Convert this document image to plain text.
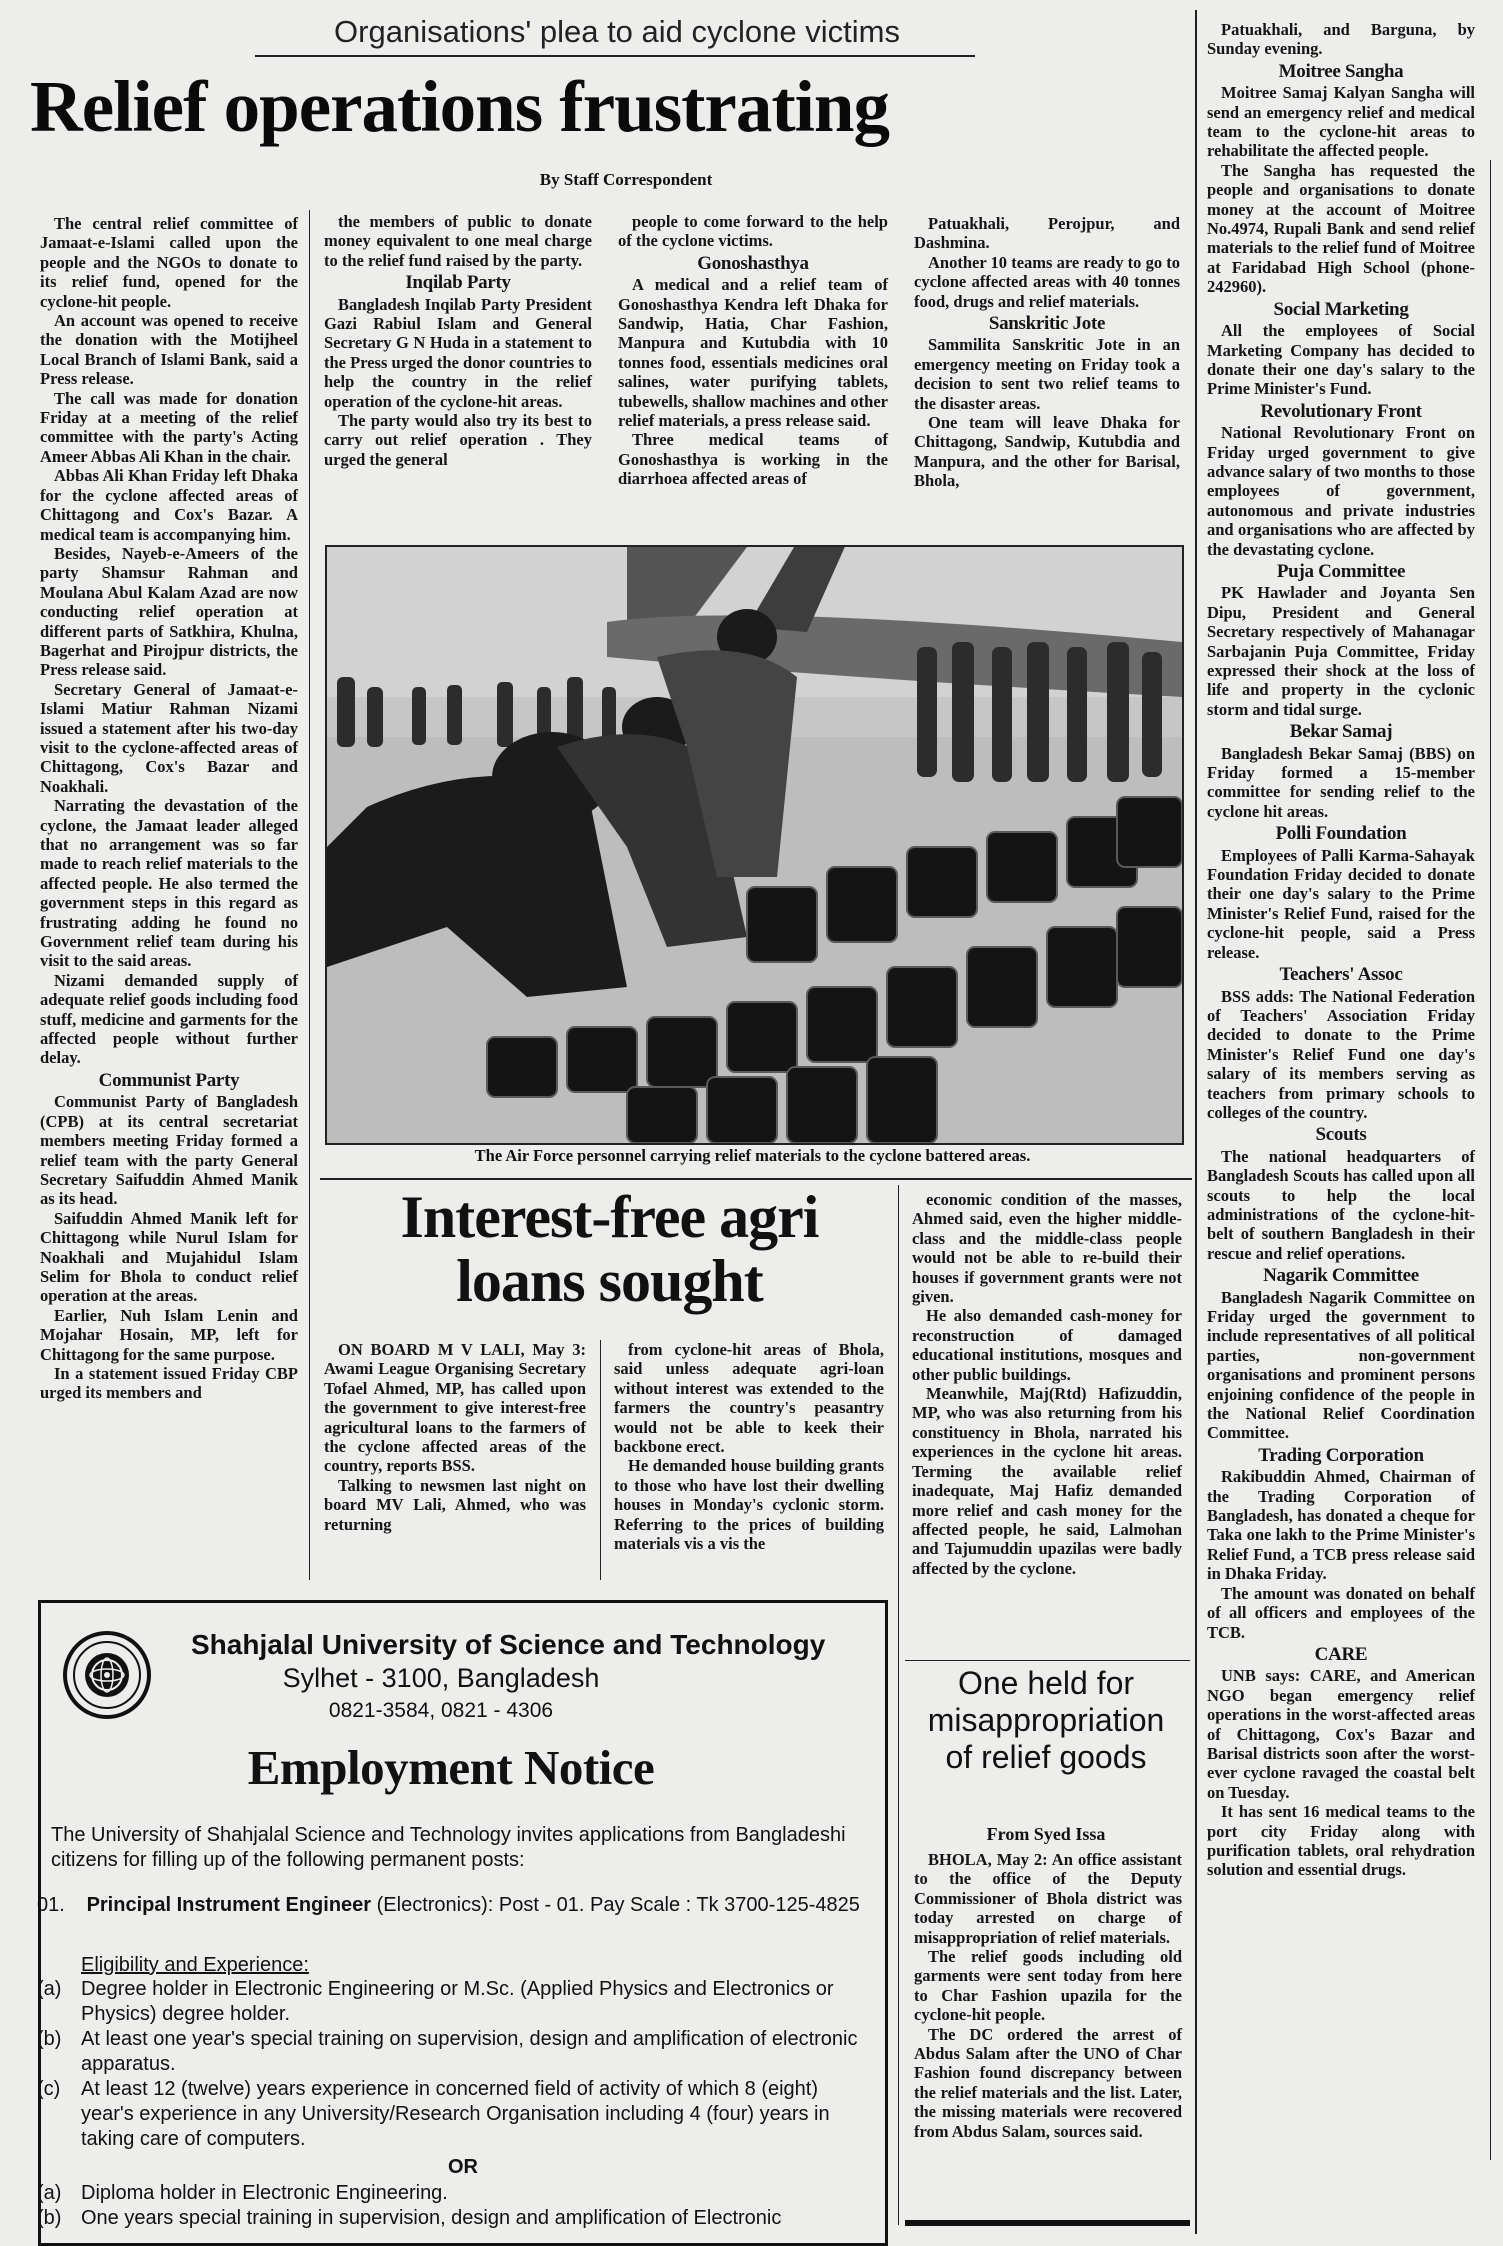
Organisations' plea to aid cyclone victims
Relief operations frustrating
By Staff Correspondent

The central relief committee of Jamaat-e-Islami called upon the people and the NGOs to donate to its relief fund, opened for the cyclone-hit people.

An account was opened to receive the donation with the Motijheel Local Branch of Islami Bank, said a Press release.

The call was made for donation Friday at a meeting of the relief committee with the party's Acting Ameer Abbas Ali Khan in the chair.

Abbas Ali Khan Friday left Dhaka for the cyclone affected areas of Chittagong and Cox's Bazar. A medical team is accompanying him.

Besides, Nayeb-e-Ameers of the party Shamsur Rahman and Moulana Abul Kalam Azad are now conducting relief operation at different parts of Satkhira, Khulna, Bagerhat and Pirojpur districts, the Press release said.

Secretary General of Jamaat-e-Islami Matiur Rahman Nizami issued a statement after his two-day visit to the cyclone-affected areas of Chittagong, Cox's Bazar and Noakhali.

Narrating the devastation of the cyclone, the Jamaat leader alleged that no arrangement was so far made to reach relief materials to the affected people. He also termed the government steps in this regard as frustrating adding he found no Government relief team during his visit to the said areas.

Nizami demanded supply of adequate relief goods including food stuff, medicine and garments for the affected people without further delay.

Communist Party

Communist Party of Bangladesh (CPB) at its central secretariat members meeting Friday formed a relief team with the party General Secretary Saifuddin Ahmed Manik as its head.

Saifuddin Ahmed Manik left for Chittagong while Nurul Islam for Noakhali and Mujahidul Islam Selim for Bhola to conduct relief operation at the areas.

Earlier, Nuh Islam Lenin and Mojahar Hosain, MP, left for Chittagong for the same purpose.

In a statement issued Friday CBP urged its members and

the members of public to donate money equivalent to one meal charge to the relief fund raised by the party.

Inqilab Party

Bangladesh Inqilab Party President Gazi Rabiul Islam and General Secretary G N Huda in a statement to the Press urged the donor countries to help the country in the relief operation of the cyclone-hit areas.

The party would also try its best to carry out relief operation . They urged the general

people to come forward to the help of the cyclone victims.

Gonoshasthya

A medical and a relief team of Gonoshasthya Kendra left Dhaka for Sandwip, Hatia, Char Fashion, Manpura and Kutubdia with 10 tonnes food, essentials medicines oral salines, water purifying tablets, tubewells, shallow machines and other relief materials, a press release said.

Three medical teams of Gonoshasthya is working in the diarrhoea affected areas of

Patuakhali, Perojpur, and Dashmina.

Another 10 teams are ready to go to cyclone affected areas with 40 tonnes food, drugs and relief materials.

Sanskritic Jote

Sammilita Sanskritic Jote in an emergency meeting on Friday took a decision to sent two relief teams to the disaster areas.

One team will leave Dhaka for Chittagong, Sandwip, Kutubdia and Manpura, and the other for Barisal, Bhola,

The Air Force personnel carrying relief materials to the cyclone battered areas.

Patuakhali, and Barguna, by Sunday evening.

Moitree Sangha

Moitree Samaj Kalyan Sangha will send an emergency relief and medical team to the cyclone-hit areas to rehabilitate the affected people.

The Sangha has requested the people and organisations to donate money at the account of Moitree No.4974, Rupali Bank and send relief materials to the relief fund of Moitree at Faridabad High School (phone-242960).

Social Marketing

All the employees of Social Marketing Company has decided to donate their one day's salary to the Prime Minister's Fund.

Revolutionary Front

National Revolutionary Front on Friday urged government to give advance salary of two months to those employees of government, autonomous and private industries and organisations who are affected by the devastating cyclone.

Puja Committee

PK Hawlader and Joyanta Sen Dipu, President and General Secretary respectively of Mahanagar Sarbajanin Puja Committee, Friday expressed their shock at the loss of life and property in the cyclonic storm and tidal surge.

Bekar Samaj

Bangladesh Bekar Samaj (BBS) on Friday formed a 15-member committee for sending relief to the cyclone hit areas.

Polli Foundation

Employees of Palli Karma-Sahayak Foundation Friday decided to donate their one day's salary to the Prime Minister's Relief Fund, raised for the cyclone-hit people, said a Press release.

Teachers' Assoc

BSS adds: The National Federation of Teachers' Association Friday decided to donate to the Prime Minister's Relief Fund one day's salary of its members serving as teachers from primary schools to colleges of the country.

Scouts

The national headquarters of Bangladesh Scouts has called upon all scouts to help the local administrations of the cyclone-hit-belt of southern Bangladesh in their rescue and relief operations.

Nagarik Committee

Bangladesh Nagarik Committee on Friday urged the government to include representatives of all political parties, non-government organisations and prominent persons enjoining confidence of the people in the National Relief Coordination Committee.

Trading Corporation

Rakibuddin Ahmed, Chairman of the Trading Corporation of Bangladesh, has donated a cheque for Taka one lakh to the Prime Minister's Relief Fund, a TCB press release said in Dhaka Friday.

The amount was donated on behalf of all officers and employees of the TCB.

CARE

UNB says: CARE, and American NGO began emergency relief operations in the worst-affected areas of Chittagong, Cox's Bazar and Barisal districts soon after the worst-ever cyclone ravaged the coastal belt on Tuesday.

It has sent 16 medical teams to the port city Friday along with purification tablets, oral rehydration solution and essential drugs.

Interest-free agri
loans sought

ON BOARD M V LALI, May 3: Awami League Organising Secretary Tofael Ahmed, MP, has called upon the government to give interest-free agricultural loans to the farmers of the cyclone affected areas of the country, reports BSS.

Talking to newsmen last night on board MV Lali, Ahmed, who was returning

from cyclone-hit areas of Bhola, said unless adequate agri-loan without interest was extended to the farmers the country's peasantry would not be able to keek their backbone erect.

He demanded house building grants to those who have lost their dwelling houses in Monday's cyclonic storm. Referring to the prices of building materials vis a vis the

economic condition of the masses, Ahmed said, even the higher middle-class and the middle-class people would not be able to re-build their houses if government grants were not given.

He also demanded cash-money for reconstruction of damaged educational institutions, mosques and other public buildings.

Meanwhile, Maj(Rtd) Hafizuddin, MP, who was also returning from his constituency in Bhola, narrated his experiences in the cyclone hit areas. Terming the available relief inadequate, Maj Hafiz demanded more relief and cash money for the affected people, he said, Lalmohan and Tajumuddin upazilas were badly affected by the cyclone.

One held for misappropriation of relief goods
From Syed Issa

BHOLA, May 2: An office assistant to the office of the Deputy Commissioner of Bhola district was today arrested on charge of misappropriation of relief materials.

The relief goods including old garments were sent today from here to Char Fashion upazila for the cyclone-hit people.

The DC ordered the arrest of Abdus Salam after the UNO of Char Fashion found discrepancy between the relief materials and the list. Later, the missing materials were recovered from Abdus Salam, sources said.

Shahjalal University of Science and Technology
Sylhet - 3100, Bangladesh
0821-3584, 0821 - 4306
Employment Notice
The University of Shahjalal Science and Technology invites applications from Bangladeshi citizens for filling up of the following permanent posts:
01. Principal Instrument Engineer (Electronics): Post - 01. Pay Scale : Tk 3700-125-4825
Eligibility and Experience:
(a) Degree holder in Electronic Engineering or M.Sc. (Applied Physics and Electronics or Physics) degree holder.
(b) At least one year's special training on supervision, design and amplification of electronic apparatus.
(c)	At least 12 (twelve) years experience in concerned field of activity of which 8 (eight) year's experience in any University/Research Organisation including 4 (four) years in taking care of computers.
OR
(a) Diploma holder in Electronic Engineering.
(b) One years special training in supervision, design and amplification of Electronic
